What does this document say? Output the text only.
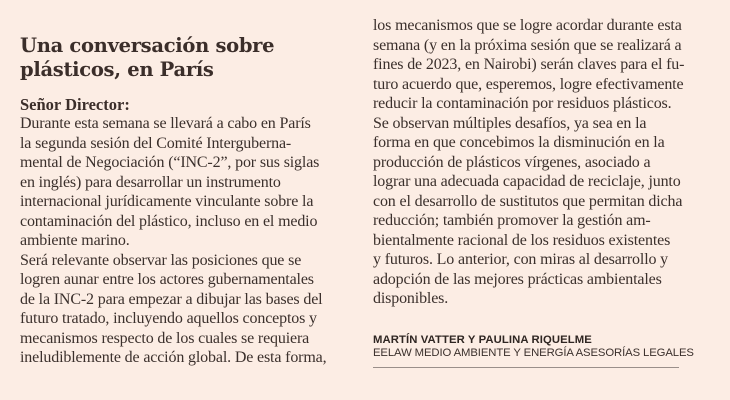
Una conversación sobre
plásticos, en París

Señor Director:

Durante esta semana se llevará a cabo en París
la segunda sesión del Comité Interguberna-
mental de Negociación (“INC-2”, por sus siglas
en inglés) para desarrollar un instrumento
internacional jurídicamente vinculante sobre la
contaminación del plástico, incluso en el medio
ambiente marino.
Será relevante observar las posiciones que se
logren aunar entre los actores gubernamentales
de la INC-2 para empezar a dibujar las bases del
futuro tratado, incluyendo aquellos conceptos y
mecanismos respecto de los cuales se requiera
ineludiblemente de acción global. De esta forma,
los mecanismos que se logre acordar durante esta
semana (y en la próxima sesión que se realizará a
fines de 2023, en Nairobi) serán claves para el fu-
turo acuerdo que, esperemos, logre efectivamente
reducir la contaminación por residuos plásticos.
Se observan múltiples desafíos, ya sea en la
forma en que concebimos la disminución en la
producción de plásticos vírgenes, asociado a
lograr una adecuada capacidad de reciclaje, junto
con el desarrollo de sustitutos que permitan dicha
reducción; también promover la gestión am-
bientalmente racional de los residuos existentes
y futuros. Lo anterior, con miras al desarrollo y
adopción de las mejores prácticas ambientales
disponibles.
MARTÍN VATTER Y PAULINA RIQUELME
EELAW MEDIO AMBIENTE Y ENERGÍA ASESORÍAS LEGALES
